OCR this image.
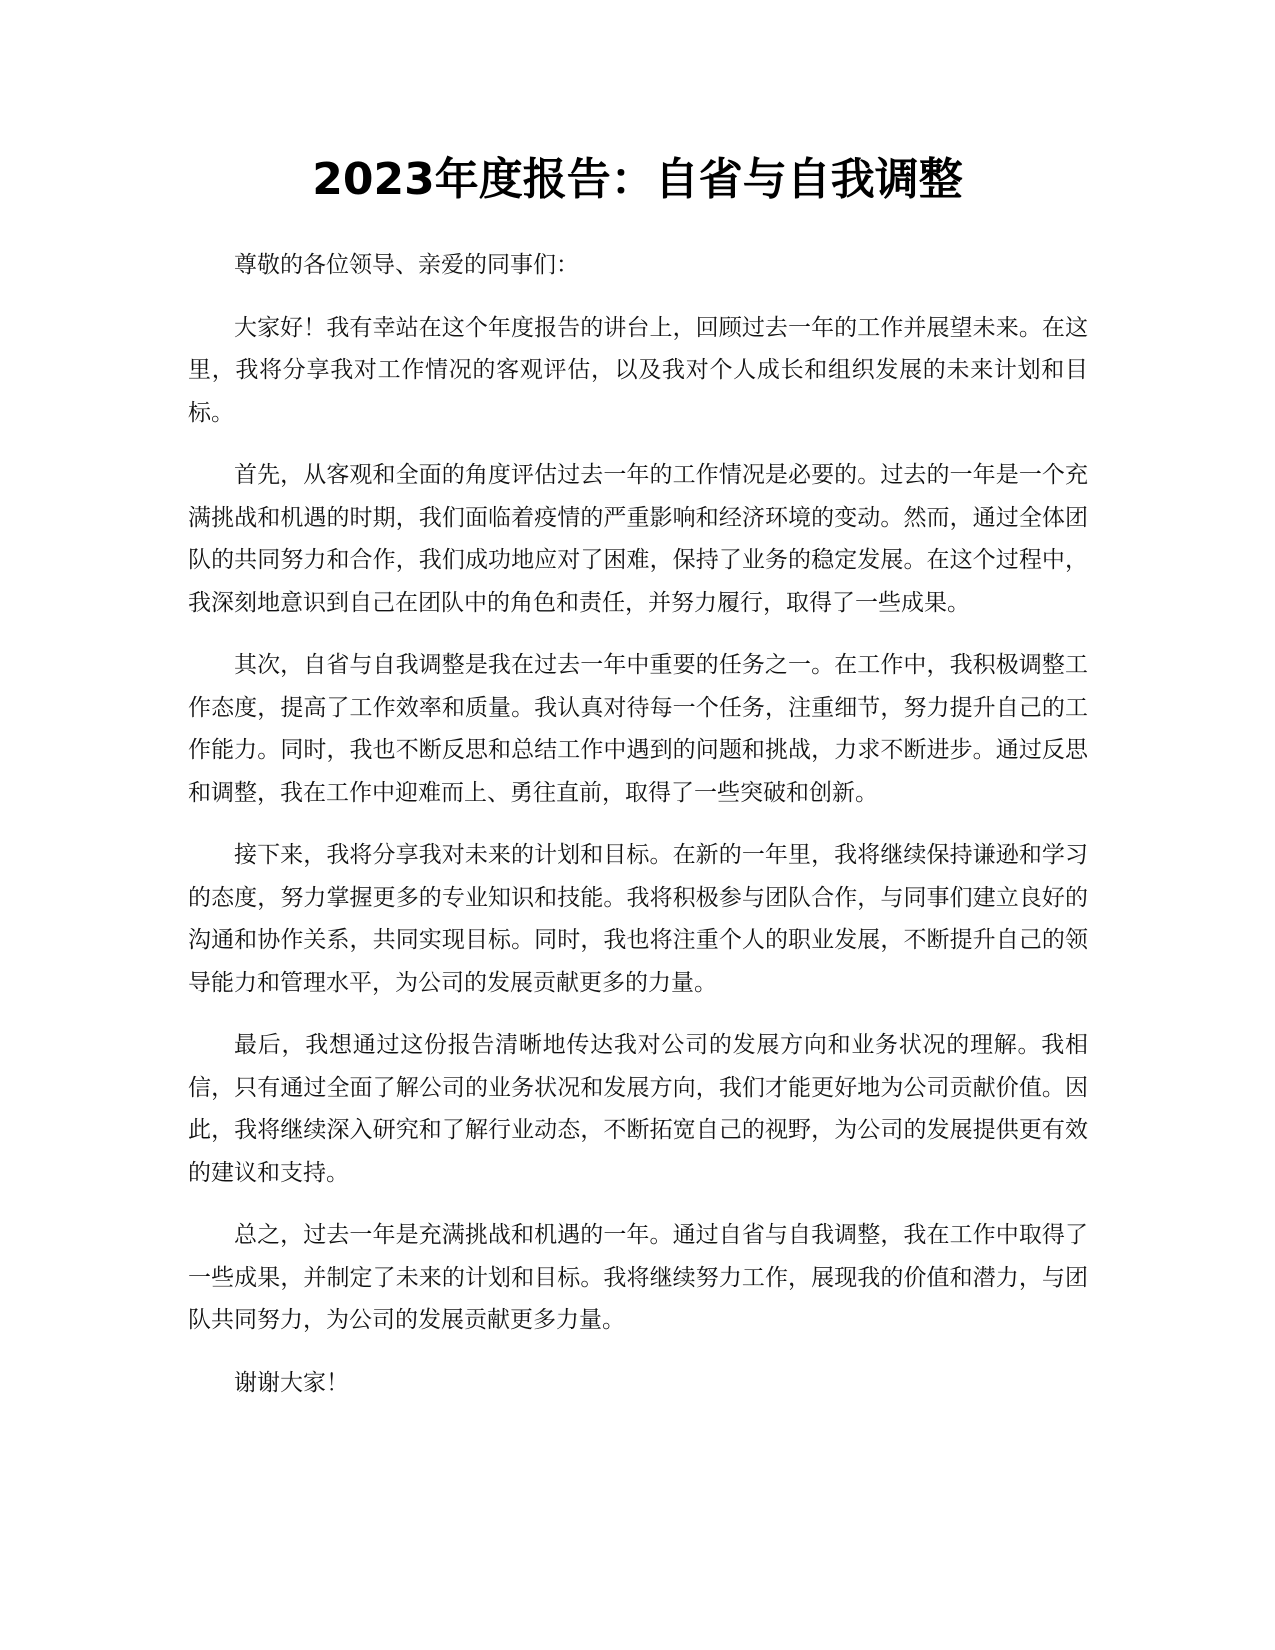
2023年度报告：自省与自我调整

尊敬的各位领导、亲爱的同事们：

大家好！我有幸站在这个年度报告的讲台上，回顾过去一年的工作并展望未来。在这里，我将分享我对工作情况的客观评估，以及我对个人成长和组织发展的未来计划和目标。

首先，从客观和全面的角度评估过去一年的工作情况是必要的。过去的一年是一个充满挑战和机遇的时期，我们面临着疫情的严重影响和经济环境的变动。然而，通过全体团队的共同努力和合作，我们成功地应对了困难，保持了业务的稳定发展。在这个过程中，我深刻地意识到自己在团队中的角色和责任，并努力履行，取得了一些成果。

其次，自省与自我调整是我在过去一年中重要的任务之一。在工作中，我积极调整工作态度，提高了工作效率和质量。我认真对待每一个任务，注重细节，努力提升自己的工作能力。同时，我也不断反思和总结工作中遇到的问题和挑战，力求不断进步。通过反思和调整，我在工作中迎难而上、勇往直前，取得了一些突破和创新。

接下来，我将分享我对未来的计划和目标。在新的一年里，我将继续保持谦逊和学习的态度，努力掌握更多的专业知识和技能。我将积极参与团队合作，与同事们建立良好的沟通和协作关系，共同实现目标。同时，我也将注重个人的职业发展，不断提升自己的领导能力和管理水平，为公司的发展贡献更多的力量。

最后，我想通过这份报告清晰地传达我对公司的发展方向和业务状况的理解。我相信，只有通过全面了解公司的业务状况和发展方向，我们才能更好地为公司贡献价值。因此，我将继续深入研究和了解行业动态，不断拓宽自己的视野，为公司的发展提供更有效的建议和支持。

总之，过去一年是充满挑战和机遇的一年。通过自省与自我调整，我在工作中取得了一些成果，并制定了未来的计划和目标。我将继续努力工作，展现我的价值和潜力，与团队共同努力，为公司的发展贡献更多力量。

谢谢大家！
